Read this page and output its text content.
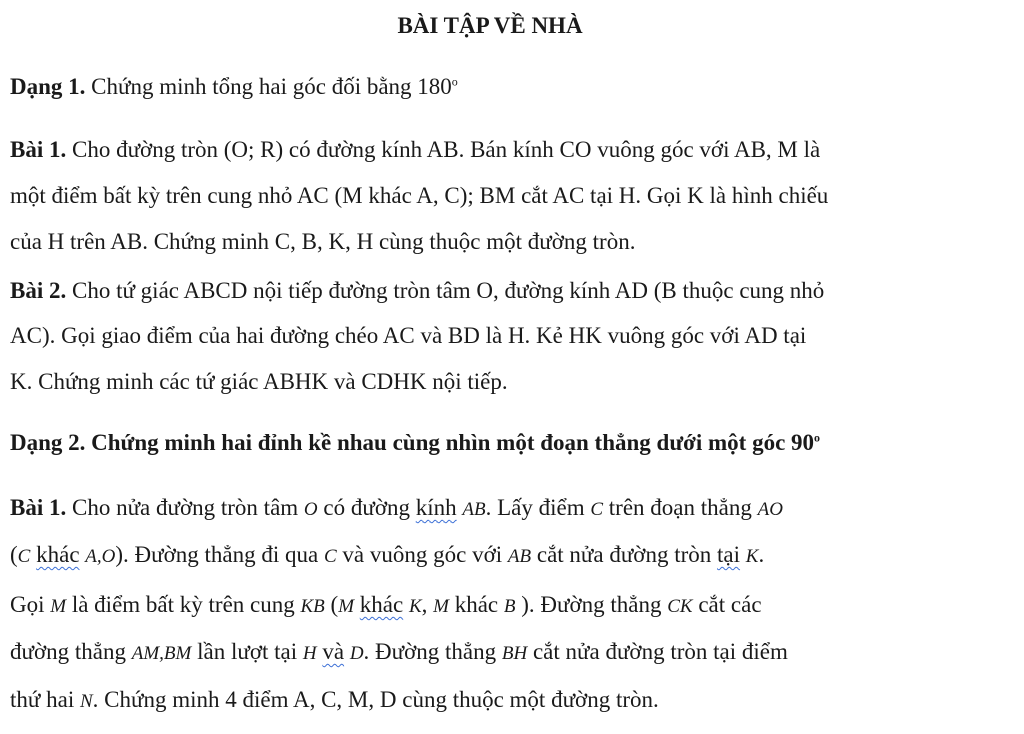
BÀI TẬP VỀ NHÀ
Dạng 1. Chứng minh tổng hai góc đối bằng 180$^o$
Bài 1. Cho đường tròn (O; R) có đường kính AB. Bán kính CO vuông góc với AB, M là
một điểm bất kỳ trên cung nhỏ AC (M khác A, C); BM cắt AC tại H. Gọi K là hình chiếu
của H trên AB. Chứng minh C, B, K, H cùng thuộc một đường tròn.
Bài 2. Cho tứ giác ABCD nội tiếp đường tròn tâm O, đường kính AD (B thuộc cung nhỏ
AC). Gọi giao điểm của hai đường chéo AC và BD là H. Kẻ HK vuông góc với AD tại
K. Chứng minh các tứ giác ABHK và CDHK nội tiếp.
Dạng 2. Chứng minh hai đỉnh kề nhau cùng nhìn một đoạn thẳng dưới một góc 90$^o$
Bài 1. Cho nửa đường tròn tâm O có đường kính AB. Lấy điểm C trên đoạn thẳng AO
(C khác A,O). Đường thẳng đi qua C và vuông góc với AB cắt nửa đường tròn tại K.
Gọi M là điểm bất kỳ trên cung KB (M khác K, M khác B ). Đường thẳng CK cắt các
đường thẳng AM,BM lần lượt tại H và D. Đường thẳng BH cắt nửa đường tròn tại điểm
thứ hai N. Chứng minh 4 điểm A, C, M, D cùng thuộc một đường tròn.
